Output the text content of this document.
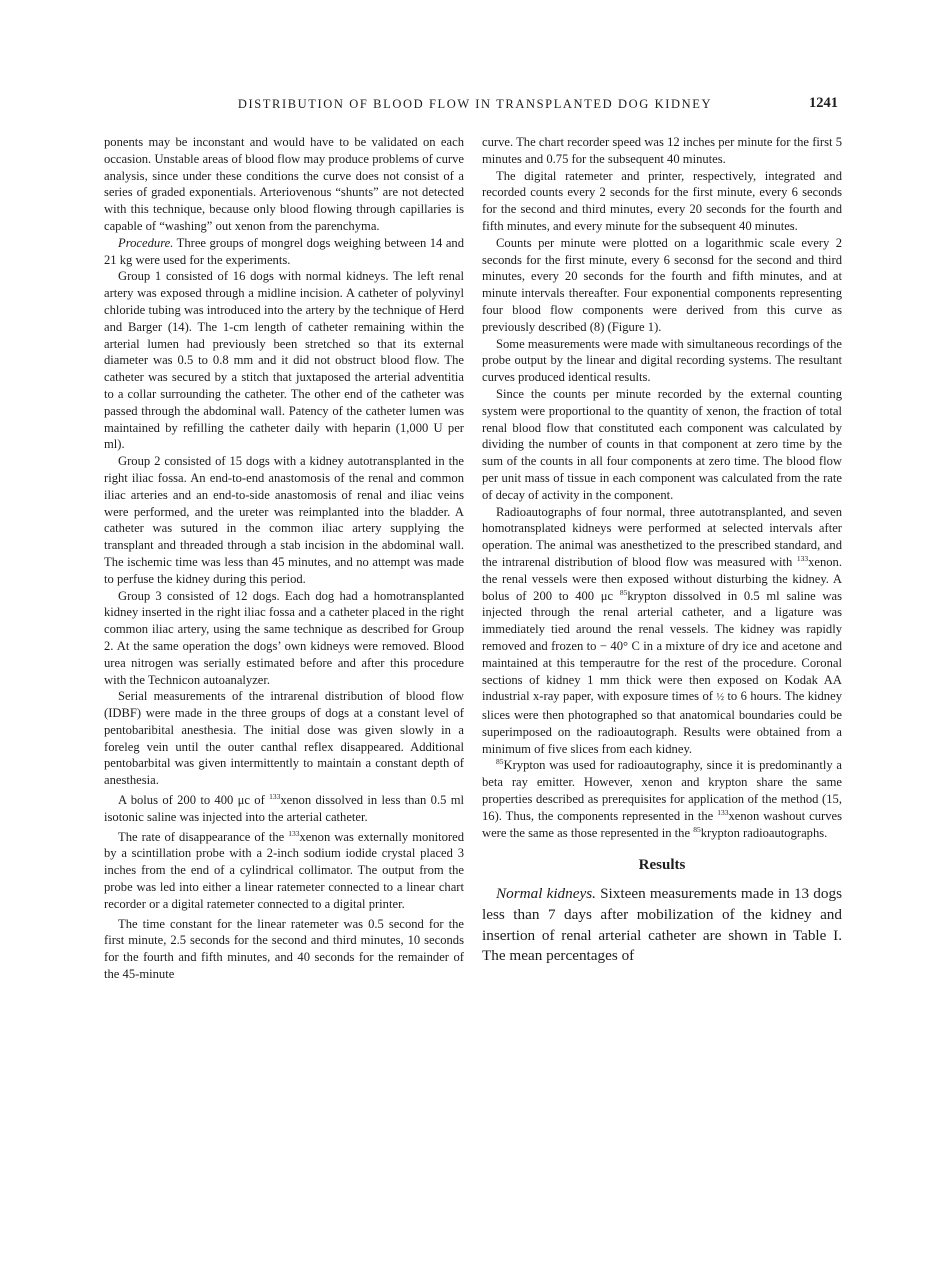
DISTRIBUTION OF BLOOD FLOW IN TRANSPLANTED DOG KIDNEY	1241

ponents may be inconstant and would have to be validated on each occasion. Unstable areas of blood flow may produce problems of curve analysis, since under these conditions the curve does not consist of a series of graded exponentials. Arteriovenous “shunts” are not detected with this technique, because only blood flowing through capillaries is capable of “washing” out xenon from the parenchyma.

Procedure. Three groups of mongrel dogs weighing between 14 and 21 kg were used for the experiments.

Group 1 consisted of 16 dogs with normal kidneys. The left renal artery was exposed through a midline incision. A catheter of polyvinyl chloride tubing was introduced into the artery by the technique of Herd and Barger (14). The 1-cm length of catheter remaining within the arterial lumen had previously been stretched so that its external diameter was 0.5 to 0.8 mm and it did not obstruct blood flow. The catheter was secured by a stitch that juxtaposed the arterial adventitia to a collar surrounding the catheter. The other end of the catheter was passed through the abdominal wall. Patency of the catheter lumen was maintained by refilling the catheter daily with heparin (1,000 U per ml).

Group 2 consisted of 15 dogs with a kidney autotransplanted in the right iliac fossa. An end-to-end anastomosis of the renal and common iliac arteries and an end-to-side anastomosis of renal and iliac veins were performed, and the ureter was reimplanted into the bladder. A catheter was sutured in the common iliac artery supplying the transplant and threaded through a stab incision in the abdominal wall. The ischemic time was less than 45 minutes, and no attempt was made to perfuse the kidney during this period.

Group 3 consisted of 12 dogs. Each dog had a homotransplanted kidney inserted in the right iliac fossa and a catheter placed in the right common iliac artery, using the same technique as described for Group 2. At the same operation the dogs’ own kidneys were removed. Blood urea nitrogen was serially estimated before and after this procedure with the Technicon autoanalyzer.

Serial measurements of the intrarenal distribution of blood flow (IDBF) were made in the three groups of dogs at a constant level of pentobaribital anesthesia. The initial dose was given slowly in a foreleg vein until the outer canthal reflex disappeared. Additional pentobarbital was given intermittently to maintain a constant depth of anesthesia.

A bolus of 200 to 400 μc of $^{133}$xenon dissolved in less than 0.5 ml isotonic saline was injected into the arterial catheter.

The rate of disappearance of the $^{133}$xenon was externally monitored by a scintillation probe with a 2-inch sodium iodide crystal placed 3 inches from the end of a cylindrical collimator. The output from the probe was led into either a linear ratemeter connected to a linear chart recorder or a digital ratemeter connected to a digital printer.

The time constant for the linear ratemeter was 0.5 second for the first minute, 2.5 seconds for the second and third minutes, 10 seconds for the fourth and fifth minutes, and 40 seconds for the remainder of the 45-minute

curve. The chart recorder speed was 12 inches per minute for the first 5 minutes and 0.75 for the subsequent 40 minutes.

The digital ratemeter and printer, respectively, integrated and recorded counts every 2 seconds for the first minute, every 6 seconds for the second and third minutes, every 20 seconds for the fourth and fifth minutes, and every minute for the subsequent 40 minutes.

Counts per minute were plotted on a logarithmic scale every 2 seconds for the first minute, every 6 seconsd for the second and third minutes, every 20 seconds for the fourth and fifth minutes, and at minute intervals thereafter. Four exponential components representing four blood flow components were derived from this curve as previously described (8) (Figure 1).

Some measurements were made with simultaneous recordings of the probe output by the linear and digital recording systems. The resultant curves produced identical results.

Since the counts per minute recorded by the external counting system were proportional to the quantity of xenon, the fraction of total renal blood flow that constituted each component was calculated by dividing the number of counts in that component at zero time by the sum of the counts in all four components at zero time. The blood flow per unit mass of tissue in each component was calculated from the rate of decay of activity in the component.

Radioautographs of four normal, three autotransplanted, and seven homotransplated kidneys were performed at selected intervals after operation. The animal was anesthetized to the prescribed standard, and the intrarenal distribution of blood flow was measured with $^{133}$xenon. the renal vessels were then exposed without disturbing the kidney. A bolus of 200 to 400 μc $^{85}$krypton dissolved in 0.5 ml saline was injected through the renal arterial catheter, and a ligature was immediately tied around the renal vessels. The kidney was rapidly removed and frozen to − 40° C in a mixture of dry ice and acetone and maintained at this temperautre for the rest of the procedure. Coronal sections of kidney 1 mm thick were then exposed on Kodak AA industrial x-ray paper, with exposure times of ½ to 6 hours. The kidney slices were then photographed so that anatomical boundaries could be superimposed on the radioautograph. Results were obtained from a minimum of five slices from each kidney.

$^{85}$Krypton was used for radioautography, since it is predominantly a beta ray emitter. However, xenon and krypton share the same properties described as prerequisites for application of the method (15, 16). Thus, the components represented in the $^{133}$xenon washout curves were the same as those represented in the $^{85}$krypton radioautographs.

Results

Normal kidneys. Sixteen measurements made in 13 dogs less than 7 days after mobilization of the kidney and insertion of renal arterial catheter are shown in Table I. The mean percentages of
